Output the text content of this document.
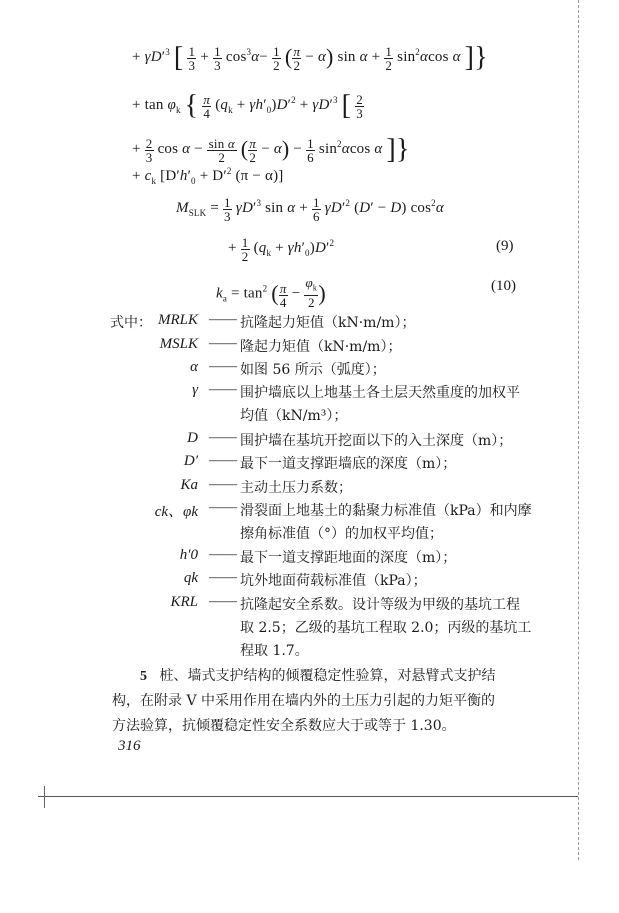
+ $\gamma D'^3$ [ 1
3 + 1
3 $\cos^3\alpha- 1$
2 $(\frac{\pi}{2} - \alpha)$ sin α + 1
2 $\sin^2\alpha\cos$ α ]}
+ $\tan \varphi_k$ { $\frac{\pi}{4} (q_k + \gamma h'_0)D'^2 + \gamma D'^3$ [ 2
3
+ 2
3 cos α − sin α
2 $(\frac{\pi}{2} - \alpha) - 1$
6 $\sin^2\alpha\cos$ α ]}
+ $c_k$ [$D'h'_0 + D'^2$ (π − α)]
$M_{SLK} = 1$
3 $\gamma D'^3$ sin α + 1
6 $\gamma D'^2$ (D′ − D) $\cos^2\alpha$
+ 1
2 $(q_k + \gamma h'_0)D'^2$	(9)
$k_a = \tan^2 (\frac{\pi}{4} - \varphi_k$
2 )	(10)
式中： MRLK —— 抗隆起力矩值（kN·m/m）；
MSLK —— 隆起力矩值（kN·m/m）；
α —— 如图 56 所示（弧度）；
γ —— 围护墙底以上地基土各土层天然重度的加权平
均值（kN/m³）；
D —— 围护墙在基坑开挖面以下的入土深度（m）；
D′ —— 最下一道支撑距墙底的深度（m）；
Ka —— 主动土压力系数；
ck、φk —— 滑裂面上地基土的黏聚力标准值（kPa）和内摩
擦角标准值（°）的加权平均值；
h′0 —— 最下一道支撑距地面的深度（m）；
qk —— 坑外地面荷载标准值（kPa）；
KRL —— 抗隆起安全系数。设计等级为甲级的基坑工程
取 2.5；乙级的基坑工程取 2.0；丙级的基坑工
程取 1.7。
5 桩、墙式支护结构的倾覆稳定性验算，对悬臂式支护结
构，在附录 V 中采用作用在墙内外的土压力引起的力矩平衡的
方法验算，抗倾覆稳定性安全系数应大于或等于 1.30。
316
